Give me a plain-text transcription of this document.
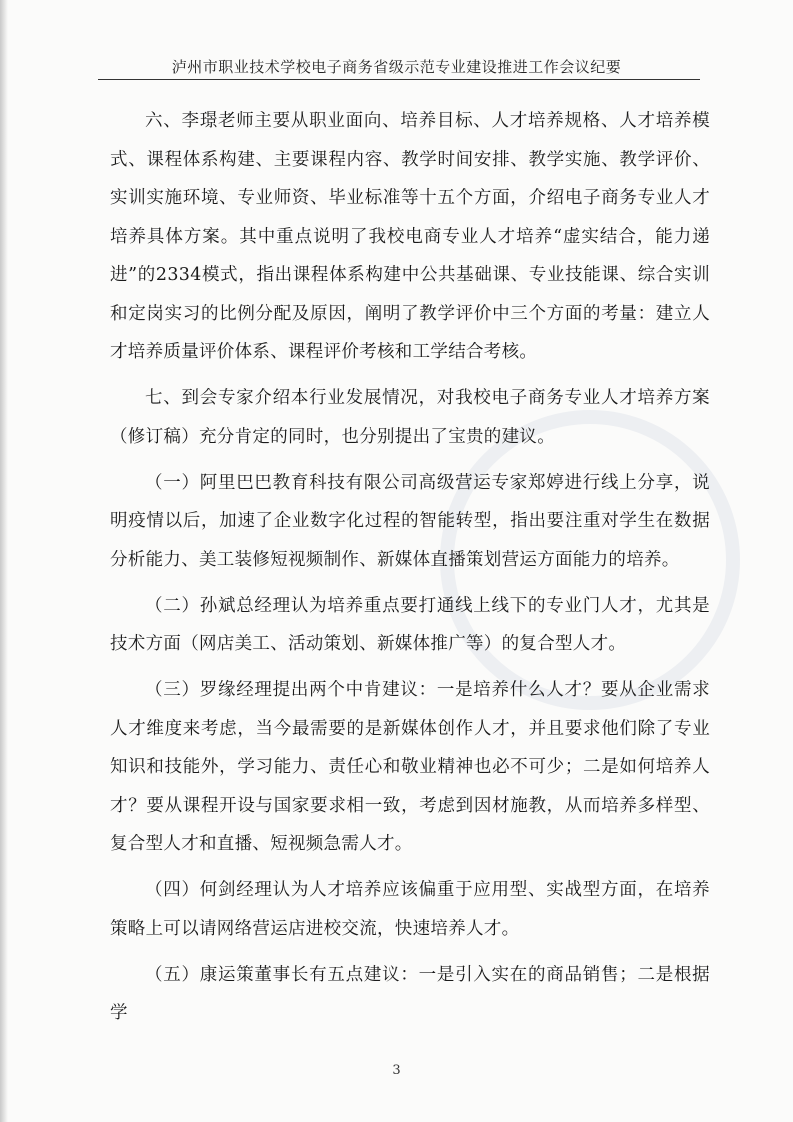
泸州市职业技术学校电子商务省级示范专业建设推进工作会议纪要

六、李璟老师主要从职业面向、培养目标、人才培养规格、人才培养模式、课程体系构建、主要课程内容、教学时间安排、教学实施、教学评价、实训实施环境、专业师资、毕业标准等十五个方面，介绍电子商务专业人才培养具体方案。其中重点说明了我校电商专业人才培养“虚实结合，能力递进”的2334模式，指出课程体系构建中公共基础课、专业技能课、综合实训和定岗实习的比例分配及原因，阐明了教学评价中三个方面的考量：建立人才培养质量评价体系、课程评价考核和工学结合考核。

七、到会专家介绍本行业发展情况，对我校电子商务专业人才培养方案（修订稿）充分肯定的同时，也分别提出了宝贵的建议。

（一）阿里巴巴教育科技有限公司高级营运专家郑婷进行线上分享，说明疫情以后，加速了企业数字化过程的智能转型，指出要注重对学生在数据分析能力、美工装修短视频制作、新媒体直播策划营运方面能力的培养。

（二）孙斌总经理认为培养重点要打通线上线下的专业门人才，尤其是技术方面（网店美工、活动策划、新媒体推广等）的复合型人才。

（三）罗缘经理提出两个中肯建议：一是培养什么人才？要从企业需求人才维度来考虑，当今最需要的是新媒体创作人才，并且要求他们除了专业知识和技能外，学习能力、责任心和敬业精神也必不可少；二是如何培养人才？要从课程开设与国家要求相一致，考虑到因材施教，从而培养多样型、复合型人才和直播、短视频急需人才。

（四）何剑经理认为人才培养应该偏重于应用型、实战型方面，在培养策略上可以请网络营运店进校交流，快速培养人才。

（五）康运策董事长有五点建议：一是引入实在的商品销售；二是根据学

3
